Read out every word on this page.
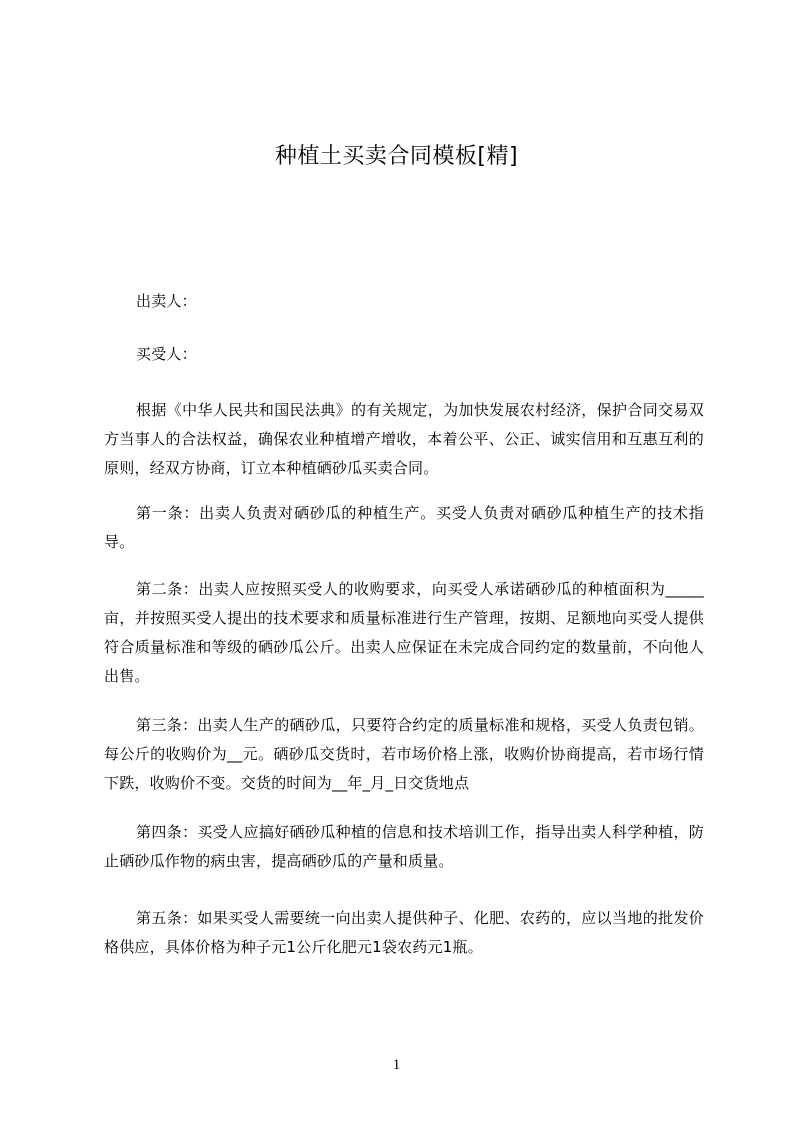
种植土买卖合同模板[精]

出卖人：

买受人：

根据《中华人民共和国民法典》的有关规定，为加快发展农村经济，保护合同交易双方当事人的合法权益，确保农业种植增产增收，本着公平、公正、诚实信用和互惠互利的原则，经双方协商，订立本种植硒砂瓜买卖合同。

第一条：出卖人负责对硒砂瓜的种植生产。买受人负责对硒砂瓜种植生产的技术指导。

第二条：出卖人应按照买受人的收购要求，向买受人承诺硒砂瓜的种植面积为_____亩，并按照买受人提出的技术要求和质量标准进行生产管理，按期、足额地向买受人提供符合质量标准和等级的硒砂瓜公斤。出卖人应保证在未完成合同约定的数量前，不向他人出售。

第三条：出卖人生产的硒砂瓜，只要符合约定的质量标准和规格，买受人负责包销。每公斤的收购价为__元。硒砂瓜交货时，若市场价格上涨，收购价协商提高，若市场行情下跌，收购价不变。交货的时间为__年_月_日交货地点

第四条：买受人应搞好硒砂瓜种植的信息和技术培训工作，指导出卖人科学种植，防止硒砂瓜作物的病虫害，提高硒砂瓜的产量和质量。

第五条：如果买受人需要统一向出卖人提供种子、化肥、农药的，应以当地的批发价格供应，具体价格为种子元1公斤化肥元1袋农药元1瓶。

1
